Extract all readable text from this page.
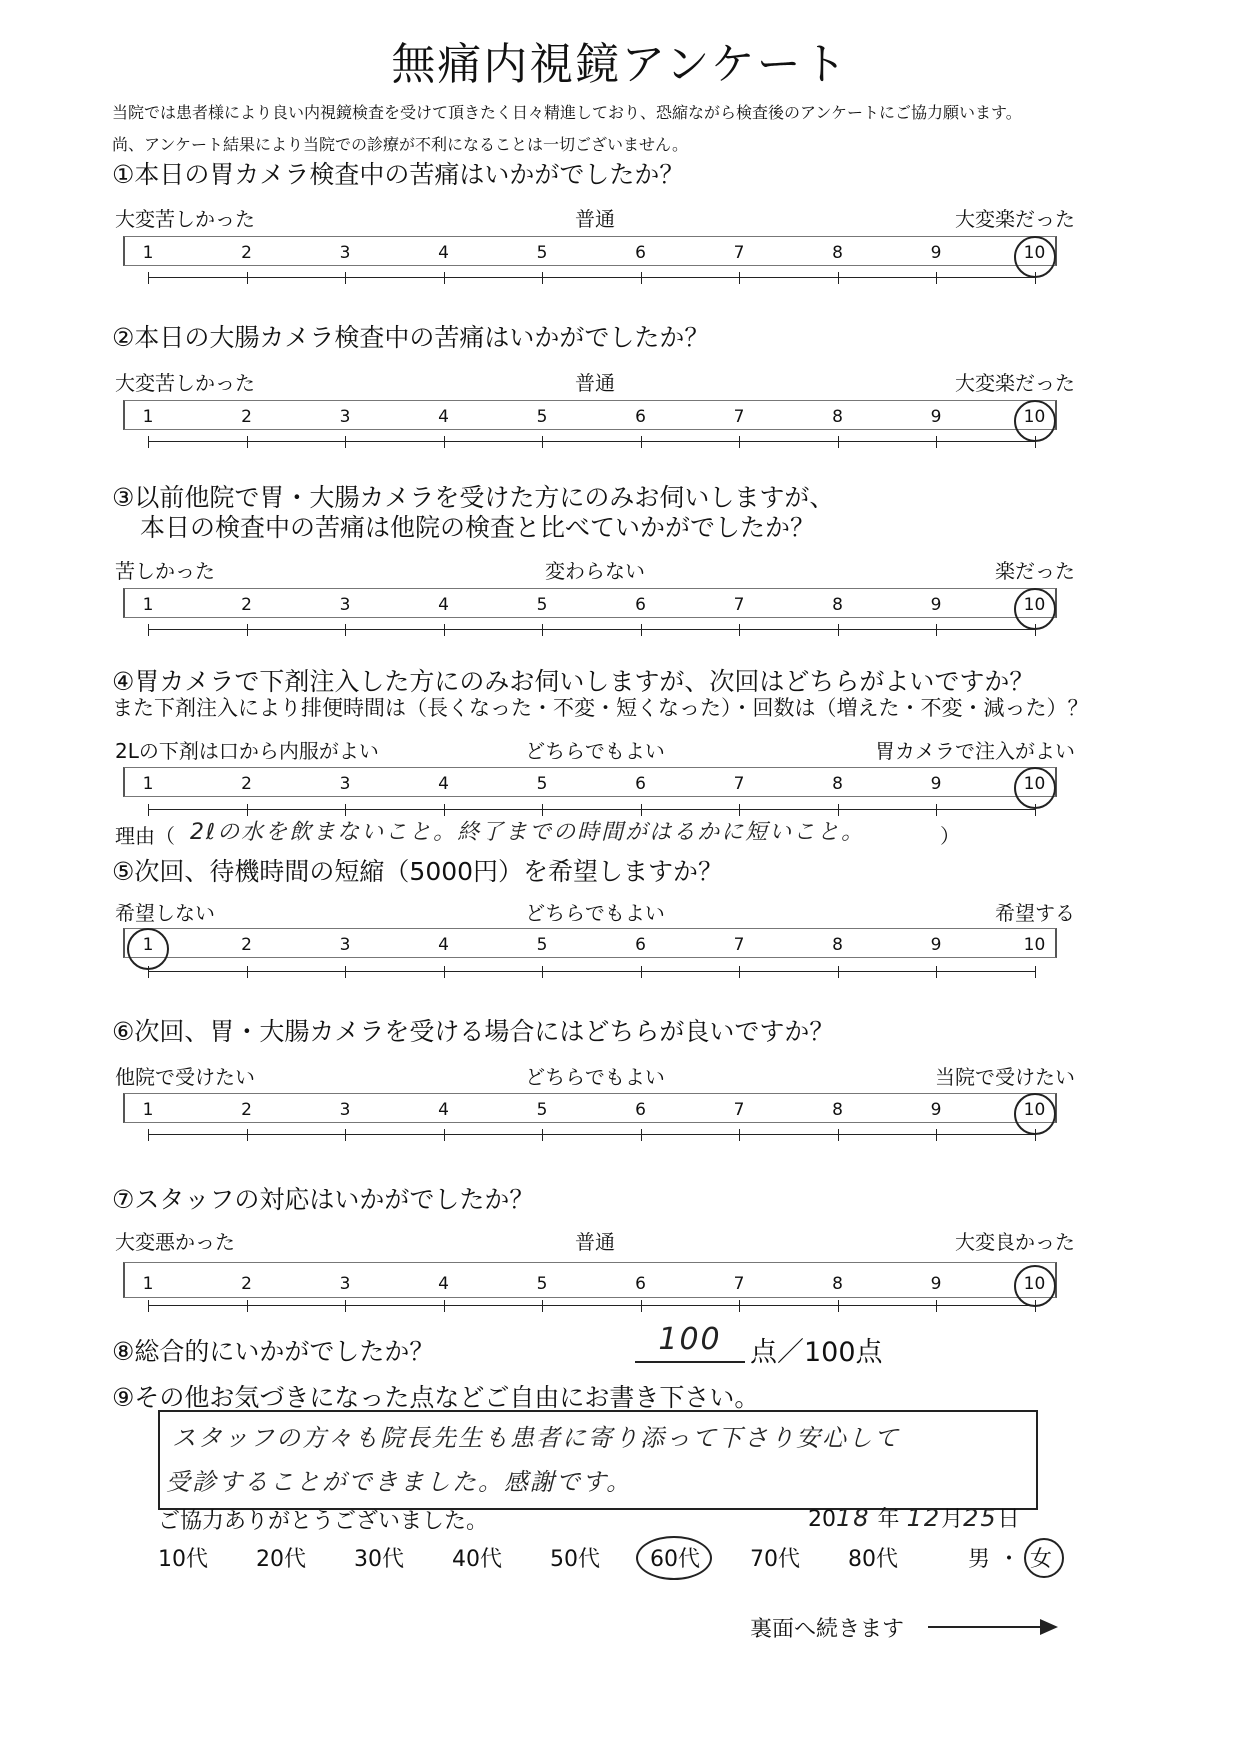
無痛内視鏡アンケート
当院では患者様により良い内視鏡検査を受けて頂きたく日々精進しており、恐縮ながら検査後のアンケートにご協力願います。
尚、アンケート結果により当院での診療が不利になることは一切ございません。
①本日の胃カメラ検査中の苦痛はいかがでしたか？
大変苦しかった	普通	大変楽だった
1	2	3	4	5	6	7	8	9	10
②本日の大腸カメラ検査中の苦痛はいかがでしたか？
大変苦しかった	普通	大変楽だった
1	2	3	4	5	6	7	8	9	10
③以前他院で胃・大腸カメラを受けた方にのみお伺いしますが、
本日の検査中の苦痛は他院の検査と比べていかがでしたか？
苦しかった	変わらない	楽だった
1	2	3	4	5	6	7	8	9	10
④胃カメラで下剤注入した方にのみお伺いしますが、次回はどちらがよいですか？
また下剤注入により排便時間は（長くなった・不変・短くなった）・回数は（増えた・不変・減った）？
2Lの下剤は口から内服がよい	どちらでもよい	胃カメラで注入がよい
1	2	3	4	5	6	7	8	9	10
理由（ 2ℓの水を飲まないこと。終了までの時間がはるかに短いこと。	）
⑤次回、待機時間の短縮（5000円）を希望しますか？
希望しない	どちらでもよい	希望する
1	2	3	4	5	6	7	8	9	10
⑥次回、胃・大腸カメラを受ける場合にはどちらが良いですか？
他院で受けたい	どちらでもよい	当院で受けたい
1	2	3	4	5	6	7	8	9	10
⑦スタッフの対応はいかがでしたか？
大変悪かった	普通	大変良かった
1	2	3	4	5	6	7	8	9	10
⑧総合的にいかがでしたか？	100	点／100点
⑨その他お気づきになった点などご自由にお書き下さい。
スタッフの方々も院長先生も患者に寄り添って下さり安心して
受診することができました。感謝です。
ご協力ありがとうございました。	2018 年 12月25日
10代 20代 30代 40代 50代 60代 70代 80代	男 ・ 女
裏面へ続きます
